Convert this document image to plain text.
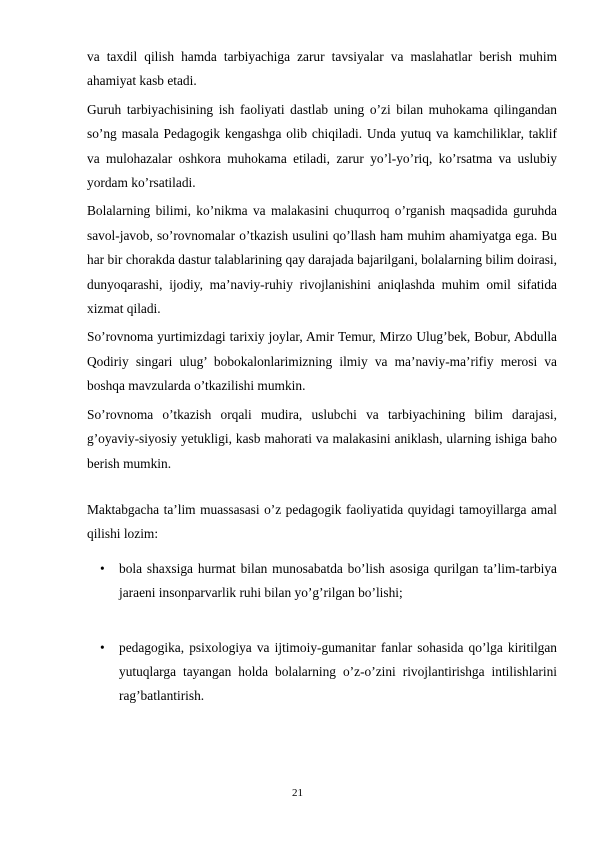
va taxdil qilish hamda tarbiyachiga zarur tavsiyalar va maslahatlar berish muhim ahamiyat kasb etadi.

Guruh tarbiyachisining ish faoliyati dastlab uning o’zi bilan muhokama qilingandan so’ng masala Pedagogik kengashga olib chiqiladi. Unda yutuq va kamchiliklar, taklif va mulohazalar oshkora muhokama etiladi, zarur yo’l-yo’riq, ko’rsatma va uslubiy yordam ko’rsatiladi.

Bolalarning bilimi, ko’nikma va malakasini chuqurroq o’rganish maqsadida guruhda savol-javob, so’rovnomalar o’tkazish usulini qo’llash ham muhim ahamiyatga ega. Bu har bir chorakda dastur talablarining qay darajada bajarilgani, bolalarning bilim doirasi, dunyoqarashi, ijodiy, ma’naviy-ruhiy rivojlanishini aniqlashda muhim omil sifatida xizmat qiladi.

So’rovnoma yurtimizdagi tarixiy joylar, Amir Temur, Mirzo Ulug’bek, Bobur, Abdulla Qodiriy singari ulug’ bobokalonlarimizning ilmiy va ma’naviy-ma’rifiy merosi va boshqa mavzularda o’tkazilishi mumkin.

So’rovnoma o’tkazish orqali mudira, uslubchi va tarbiyachining bilim darajasi, g’oyaviy-siyosiy yetukligi, kasb mahorati va malakasini aniklash, ularning ishiga baho berish mumkin.

Maktabgacha ta’lim muassasasi o’z pedagogik faoliyatida quyidagi tamoyillarga amal qilishi lozim:

• bola shaxsiga hurmat bilan munosabatda bo’lish asosiga qurilgan ta’lim-tarbiya jaraeni insonparvarlik ruhi bilan yo’g’rilgan bo’lishi;
• pedagogika, psixologiya va ijtimoiy-gumanitar fanlar sohasida qo’lga kiritilgan yutuqlarga tayangan holda bolalarning o’z-o’zini rivojlantirishga intilishlarini rag’batlantirish.
21
